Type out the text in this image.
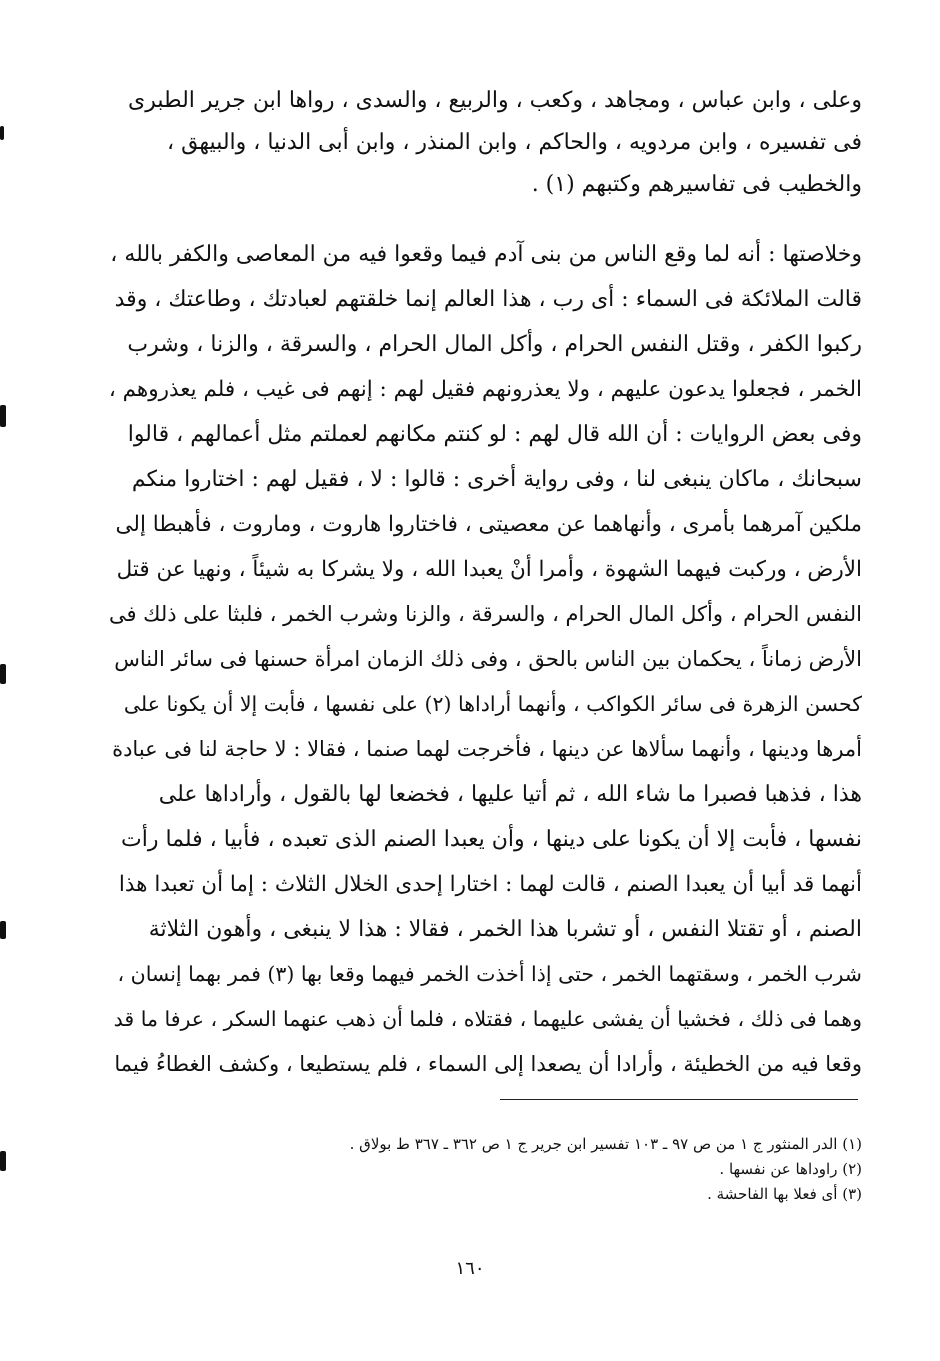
وعلى ، وابن عباس ، ومجاهد ، وكعب ، والربيع ، والسدى ، رواها ابن جرير الطبرى
فى تفسيره ، وابن مردويه ، والحاكم ، وابن المنذر ، وابن أبى الدنيا ، والبيهق ،
والخطيب فى تفاسيرهم وكتبهم (١) .
وخلاصتها : أنه لما وقع الناس من بنى آدم فيما وقعوا فيه من المعاصى والكفر بالله ،
قالت الملائكة فى السماء : أى رب ، هذا العالم إنما خلقتهم لعبادتك ، وطاعتك ، وقد
ركبوا الكفر ، وقتل النفس الحرام ، وأكل المال الحرام ، والسرقة ، والزنا ، وشرب
الخمر ، فجعلوا يدعون عليهم ، ولا يعذرونهم فقيل لهم : إنهم فى غيب ، فلم يعذروهم ،
وفى بعض الروايات : أن الله قال لهم : لو كنتم مكانهم لعملتم مثل أعمالهم ، قالوا
سبحانك ، ماكان ينبغى لنا ، وفى رواية أخرى : قالوا : لا ، فقيل لهم : اختاروا منكم
ملكين آمرهما بأمرى ، وأنهاهما عن معصيتى ، فاختاروا هاروت ، وماروت ، فأهبطا إلى
الأرض ، وركبت فيهما الشهوة ، وأمرا أنْ يعبدا الله ، ولا يشركا به شيئاً ، ونهيا عن قتل
النفس الحرام ، وأكل المال الحرام ، والسرقة ، والزنا وشرب الخمر ، فلبثا على ذلك فى
الأرض زماناً ، يحكمان بين الناس بالحق ، وفى ذلك الزمان امرأة حسنها فى سائر الناس
كحسن الزهرة فى سائر الكواكب ، وأنهما أراداها (٢) على نفسها ، فأبت إلا أن يكونا على
أمرها ودينها ، وأنهما سألاها عن دينها ، فأخرجت لهما صنما ، فقالا : لا حاجة لنا فى عبادة
هذا ، فذهبا فصبرا ما شاء الله ، ثم أتيا عليها ، فخضعا لها بالقول ، وأراداها على
نفسها ، فأبت إلا أن يكونا على دينها ، وأن يعبدا الصنم الذى تعبده ، فأبيا ، فلما رأت
أنهما قد أبيا أن يعبدا الصنم ، قالت لهما : اختارا إحدى الخلال الثلاث : إما أن تعبدا هذا
الصنم ، أو تقتلا النفس ، أو تشربا هذا الخمر ، فقالا : هذا لا ينبغى ، وأهون الثلاثة
شرب الخمر ، وسقتهما الخمر ، حتى إذا أخذت الخمر فيهما وقعا بها (٣) فمر بهما إنسان ،
وهما فى ذلك ، فخشيا أن يفشى عليهما ، فقتلاه ، فلما أن ذهب عنهما السكر ، عرفا ما قد
وقعا فيه من الخطيئة ، وأرادا أن يصعدا إلى السماء ، فلم يستطيعا ، وكشف الغطاءُ فيما
(١) الدر المنثور ج ١ من ص ٩٧ ـ ١٠٣ تفسير ابن جرير ج ١ ص ٣٦٢ ـ ٣٦٧ ط بولاق .
(٢) راوداها عن نفسها .
(٣) أى فعلا بها الفاحشة .
١٦٠
